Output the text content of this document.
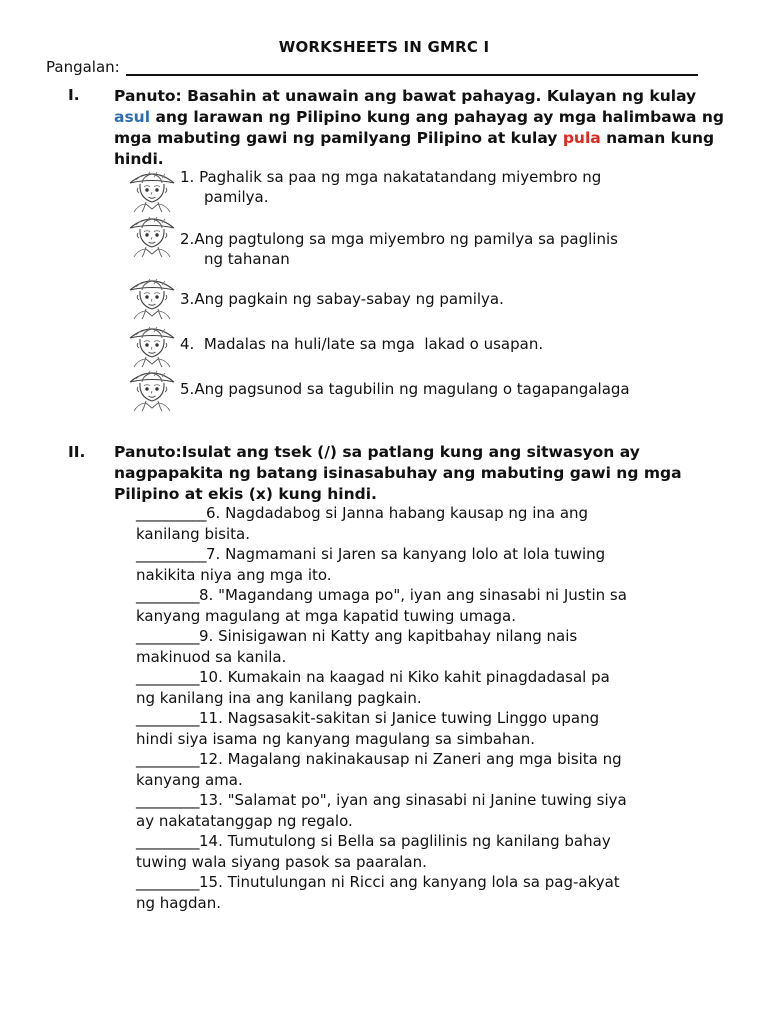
WORKSHEETS IN GMRC I
Pangalan:
I. Panuto: Basahin at unawain ang bawat pahayag. Kulayan ng kulay asul ang larawan ng Pilipino kung ang pahayag ay mga halimbawa ng mga mabuting gawi ng pamilyang Pilipino at kulay pula naman kung hindi.
1. Paghalik sa paa ng mga nakatatandang miyembro ng
pamilya.
2.Ang pagtulong sa mga miyembro ng pamilya sa paglinis
ng tahanan
3.Ang pagkain ng sabay-sabay ng pamilya.
4.  Madalas na huli/late sa mga  lakad o usapan.
5.Ang pagsunod sa tagubilin ng magulang o tagapangalaga
II. Panuto:Isulat ang tsek (/) sa patlang kung ang sitwasyon ay nagpapakita ng batang isinasabuhay ang mabuting gawi ng mga Pilipino at ekis (x) kung hindi.
__________6. Nagdadabog si Janna habang kausap ng ina ang
kanilang bisita.
__________7. Nagmamani si Jaren sa kanyang lolo at lola tuwing
nakikita niya ang mga ito.
_________8. "Magandang umaga po", iyan ang sinasabi ni Justin sa
kanyang magulang at mga kapatid tuwing umaga.
_________9. Sinisigawan ni Katty ang kapitbahay nilang nais
makinuod sa kanila.
_________10. Kumakain na kaagad ni Kiko kahit pinagdadasal pa
ng kanilang ina ang kanilang pagkain.
_________11. Nagsasakit-sakitan si Janice tuwing Linggo upang
hindi siya isama ng kanyang magulang sa simbahan.
_________12. Magalang nakinakausap ni Zaneri ang mga bisita ng
kanyang ama.
_________13. "Salamat po", iyan ang sinasabi ni Janine tuwing siya
ay nakatatanggap ng regalo.
_________14. Tumutulong si Bella sa paglilinis ng kanilang bahay
tuwing wala siyang pasok sa paaralan.
_________15. Tinutulungan ni Ricci ang kanyang lola sa pag-akyat
ng hagdan.
